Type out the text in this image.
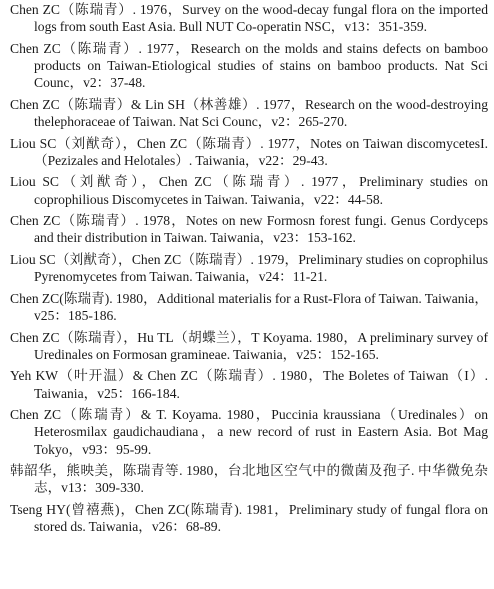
Chen ZC（陈瑞青）. 1976，Survey on the wood-decay fungal flora on the imported logs from south East Asia. Bull NUT Co-operatin NSC，v13：351-359.

Chen ZC（陈瑞青）. 1977，Research on the molds and stains defects on bamboo products on Taiwan-Etiological studies of stains on bamboo products. Nat Sci Counc，v2：37-48.

Chen ZC（陈瑞青）& Lin SH（林善雄）. 1977，Research on the wood-destroying thelephoraceae of Taiwan. Nat Sci Counc，v2：265-270.

Liou SC（刘猷奇），Chen ZC（陈瑞青）. 1977，Notes on Taiwan discomycetesI.（Pezizales and Helotales）. Taiwania，v22：29-43.

Liou SC（刘猷奇），Chen ZC（陈瑞青）. 1977，Preliminary studies on coprophilious Discomycetes in Taiwan. Taiwania，v22：44-58.

Chen ZC（陈瑞青）. 1978，Notes on new Formosn forest fungi. Genus Cordyceps and their distribution in Taiwan. Taiwania，v23：153-162.

Liou SC（刘猷奇），Chen ZC（陈瑞青）. 1979，Preliminary studies on coprophilus Pyrenomycetes from Taiwan. Taiwania，v24：11-21.

Chen ZC(陈瑞青). 1980，Additional materialis for a Rust-Flora of Taiwan. Taiwania，v25：185-186.

Chen ZC（陈瑞青），Hu TL（胡蝶兰），T Koyama. 1980，A preliminary survey of Uredinales on Formosan gramineae. Taiwania，v25：152-165.

Yeh KW（叶开温）& Chen ZC（陈瑞青）. 1980，The Boletes of Taiwan（I）. Taiwania，v25：166-184.

Chen ZC（陈瑞青）& T. Koyama. 1980，Puccinia kraussiana（Uredinales）on Heterosmilax gaudichaudiana，a new record of rust in Eastern Asia. Bot Mag Tokyo，v93：95-99.

韩韶华，熊映美，陈瑞青等. 1980，台北地区空气中的微菌及孢子. 中华微免杂志，v13：309-330.

Tseng HY(曾禧燕)，Chen ZC(陈瑞青). 1981，Preliminary study of fungal flora on stored ds. Taiwania，v26：68-89.
